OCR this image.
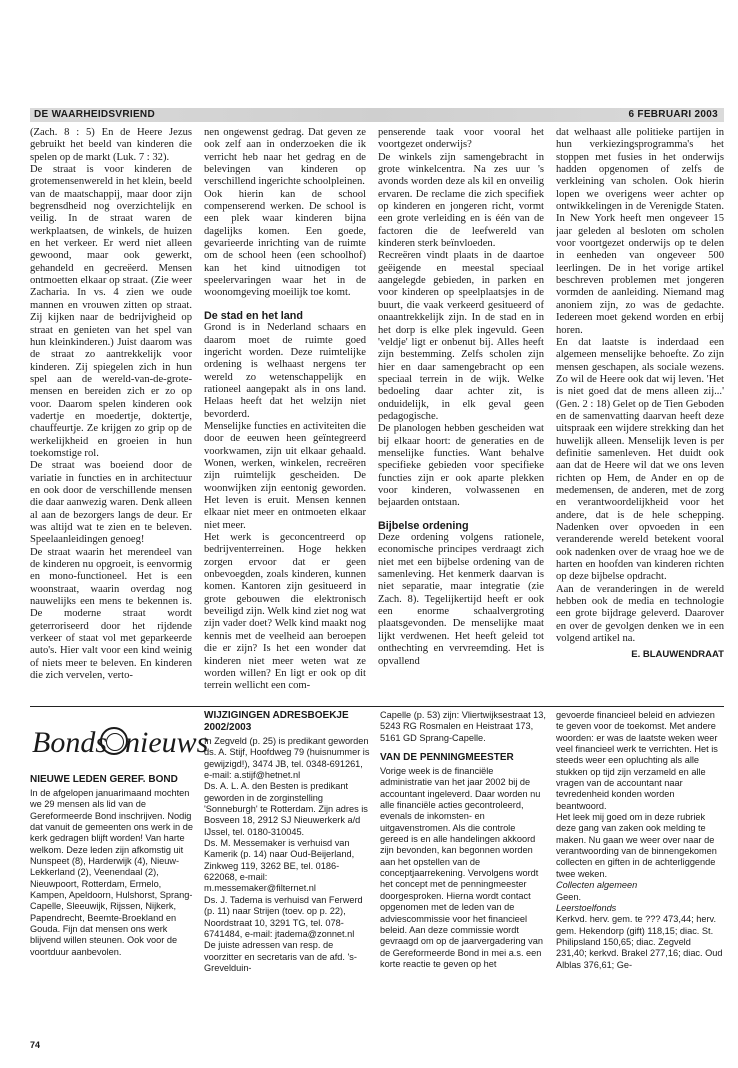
DE WAARHEIDSVRIEND	6 FEBRUARI 2003

(Zach. 8 : 5) En de Heere Jezus gebruikt het beeld van kinderen die spelen op de markt (Luk. 7 : 32).

De straat is voor kinderen de grotemensenwereld in het klein, beeld van de maatschappij, maar door zijn begrensdheid nog overzichtelijk en veilig. In de straat waren de werkplaatsen, de winkels, de huizen en het verkeer. Er werd niet alleen gewoond, maar ook gewerkt, gehandeld en gecreëerd. Mensen ontmoetten elkaar op straat. (Zie weer Zacharia. In vs. 4 zien we oude mannen en vrouwen zitten op straat. Zij kijken naar de bedrijvigheid op straat en genieten van het spel van hun kleinkinderen.) Juist daarom was de straat zo aantrekkelijk voor kinderen. Zij spiegelen zich in hun spel aan de wereld-van-de-grote-mensen en bereiden zich er zo op voor. Daarom spelen kinderen ook vadertje en moedertje, doktertje, chauffeurtje. Ze krijgen zo grip op de werkelijkheid en groeien in hun toekomstige rol.

De straat was boeiend door de variatie in functies en in architectuur en ook door de verschillende mensen die daar aanwezig waren. Denk alleen al aan de bezorgers langs de deur. Er was altijd wat te zien en te beleven. Speelaanleidingen genoeg!

De straat waarin het merendeel van de kinderen nu opgroeit, is eenvormig en mono-functioneel. Het is een woonstraat, waarin overdag nog nauwelijks een mens te bekennen is. De moderne straat wordt geterroriseerd door het rijdende verkeer of staat vol met geparkeerde auto's. Hier valt voor een kind weinig of niets meer te beleven. En kinderen die zich vervelen, verto-

nen ongewenst gedrag. Dat geven ze ook zelf aan in onderzoeken die ik verricht heb naar het gedrag en de belevingen van kinderen op verschillend ingerichte schoolpleinen.

Ook hierin kan de school compenserend werken. De school is een plek waar kinderen bijna dagelijks komen. Een goede, gevarieerde inrichting van de ruimte om de school heen (een schoolhof) kan het kind uitnodigen tot speelervaringen waar het in de woonomgeving moeilijk toe komt.

De stad en het land

Grond is in Nederland schaars en daarom moet de ruimte goed ingericht worden. Deze ruimtelijke ordening is welhaast nergens ter wereld zo wetenschappelijk en rationeel aangepakt als in ons land. Helaas heeft dat het welzijn niet bevorderd.

Menselijke functies en activiteiten die door de eeuwen heen geïntegreerd voorkwamen, zijn uit elkaar gehaald. Wonen, werken, winkelen, recreëren zijn ruimtelijk gescheiden. De woonwijken zijn eentonig geworden. Het leven is eruit. Mensen kennen elkaar niet meer en ontmoeten elkaar niet meer.

Het werk is geconcentreerd op bedrijventerreinen. Hoge hekken zorgen ervoor dat er geen onbevoegden, zoals kinderen, kunnen komen. Kantoren zijn gesitueerd in grote gebouwen die elektronisch beveiligd zijn. Welk kind ziet nog wat zijn vader doet? Welk kind maakt nog kennis met de veelheid aan beroepen die er zijn? Is het een wonder dat kinderen niet meer weten wat ze worden willen? En ligt er ook op dit terrein wellicht een com-

penserende taak voor vooral het voortgezet onderwijs?

De winkels zijn samengebracht in grote winkelcentra. Na zes uur 's avonds worden deze als kil en onveilig ervaren. De reclame die zich specifiek op kinderen en jongeren richt, vormt een grote verleiding en is één van de factoren die de leefwereld van kinderen sterk beïnvloeden.

Recreëren vindt plaats in de daartoe geëigende en meestal speciaal aangelegde gebieden, in parken en voor kinderen op speelplaatsjes in de buurt, die vaak verkeerd gesitueerd of onaantrekkelijk zijn. In de stad en in het dorp is elke plek ingevuld. Geen 'veldje' ligt er onbenut bij. Alles heeft zijn bestemming. Zelfs scholen zijn hier en daar samengebracht op een speciaal terrein in de wijk. Welke bedoeling daar achter zit, is onduidelijk, in elk geval geen pedagogische.

De planologen hebben gescheiden wat bij elkaar hoort: de generaties en de menselijke functies. Want behalve specifieke gebieden voor specifieke functies zijn er ook aparte plekken voor kinderen, volwassenen en bejaarden ontstaan.

Bijbelse ordening

Deze ordening volgens rationele, economische principes verdraagt zich niet met een bijbelse ordening van de samenleving. Het kenmerk daarvan is niet separatie, maar integratie (zie Zach. 8). Tegelijkertijd heeft er ook een enorme schaalvergroting plaatsgevonden. De menselijke maat lijkt verdwenen. Het heeft geleid tot onthechting en vervreemding. Het is opvallend

dat welhaast alle politieke partijen in hun verkiezingsprogramma's het stoppen met fusies in het onderwijs hadden opgenomen of zelfs de verkleining van scholen. Ook hierin lopen we overigens weer achter op ontwikkelingen in de Verenigde Staten. In New York heeft men ongeveer 15 jaar geleden al besloten om scholen voor voortgezet onderwijs op te delen in eenheden van ongeveer 500 leerlingen. De in het vorige artikel beschreven problemen met jongeren vormden de aanleiding. Niemand mag anoniem zijn, zo was de gedachte. Iedereen moet gekend worden en erbij horen.

En dat laatste is inderdaad een algemeen menselijke behoefte. Zo zijn mensen geschapen, als sociale wezens. Zo wil de Heere ook dat wij leven. 'Het is niet goed dat de mens alleen zij...' (Gen. 2 : 18) Gelet op de Tien Geboden en de samenvatting daarvan heeft deze uitspraak een wijdere strekking dan het huwelijk alleen. Menselijk leven is per definitie samenleven. Het duidt ook aan dat de Heere wil dat we ons leven richten op Hem, de Ander en op de medemensen, de anderen, met de zorg en verantwoordelijkheid voor het andere, dat is de hele schepping. Nadenken over opvoeden in een veranderende wereld betekent vooral ook nadenken over de vraag hoe we de harten en hoofden van kinderen richten op deze bijbelse opdracht.

Aan de veranderingen in de wereld hebben ook de media en technologie een grote bijdrage geleverd. Daarover en over de gevolgen denken we in een volgend artikel na.

E. BLAUWENDRAAT
Bonds nieuws
NIEUWE LEDEN GEREF. BOND

In de afgelopen januarimaand mochten we 29 mensen als lid van de Gereformeerde Bond inschrijven. Nodig dat vanuit de gemeenten ons werk in de kerk gedragen blijft worden! Van harte welkom. Deze leden zijn afkomstig uit Nunspeet (8), Harderwijk (4), Nieuw-Lekkerland (2), Veenendaal (2), Nieuwpoort, Rotterdam, Ermelo, Kampen, Apeldoorn, Hulshorst, Sprang-Capelle, Sleeuwijk, Rijssen, Nijkerk, Papendrecht, Beemte-Broekland en Gouda. Fijn dat mensen ons werk blijvend willen steunen. Ook voor de voortduur aanbevolen.

WIJZIGINGEN ADRESBOEKJE 2002/2003

In Zegveld (p. 25) is predikant geworden ds. A. Stijf, Hoofdweg 79 (huisnummer is gewijzigd!), 3474 JB, tel. 0348-691261, e-mail: a.stijf@hetnet.nl

Ds. A. L. A. den Besten is predikant geworden in de zorginstelling 'Sonneburgh' te Rotterdam. Zijn adres is Bosveen 18, 2912 SJ Nieuwerkerk a/d IJssel, tel. 0180-310045.

Ds. M. Messemaker is verhuisd van Kamerik (p. 14) naar Oud-Beijerland, Zinkweg 119, 3262 BE, tel. 0186-622068, e-mail: m.messemaker@filternet.nl

Ds. J. Tadema is verhuisd van Ferwerd (p. 11) naar Strijen (toev. op p. 22), Noordstraat 10, 3291 TG, tel. 078-6741484, e-mail: jtadema@zonnet.nl

De juiste adressen van resp. de voorzitter en secretaris van de afd. 's-Grevelduin-

Capelle (p. 53) zijn: Vliertwijksestraat 13, 5243 RG Rosmalen en Heistraat 173, 5161 GD Sprang-Capelle.

VAN DE PENNINGMEESTER

Vorige week is de financiële administratie van het jaar 2002 bij de accountant ingeleverd. Daar worden nu alle financiële acties gecontroleerd, evenals de inkomsten- en uitgavenstromen. Als die controle gereed is en alle handelingen akkoord zijn bevonden, kan begonnen worden aan het opstellen van de conceptjaarrekening. Vervolgens wordt het concept met de penningmeester doorgesproken. Hierna wordt contact opgenomen met de leden van de adviescommissie voor het financieel beleid. Aan deze commissie wordt gevraagd om op de jaarvergadering van de Gereformeerde Bond in mei a.s. een korte reactie te geven op het

gevoerde financieel beleid en adviezen te geven voor de toekomst. Met andere woorden: er was de laatste weken weer veel financieel werk te verrichten. Het is steeds weer een opluchting als alle stukken op tijd zijn verzameld en alle vragen van de accountant naar tevredenheid konden worden beantwoord.

Het leek mij goed om in deze rubriek deze gang van zaken ook melding te maken. Nu gaan we weer over naar de verantwoording van de binnengekomen collecten en giften in de achterliggende twee weken.

Collecten algemeen

Geen.

Leerstoelfonds

Kerkvd. herv. gem. te ??? 473,44; herv. gem. Hekendorp (gift) 118,15; diac. St. Philipsland 150,65; diac. Zegveld 231,40; kerkvd. Brakel 277,16; diac. Oud Alblas 376,61; Ge-

74
